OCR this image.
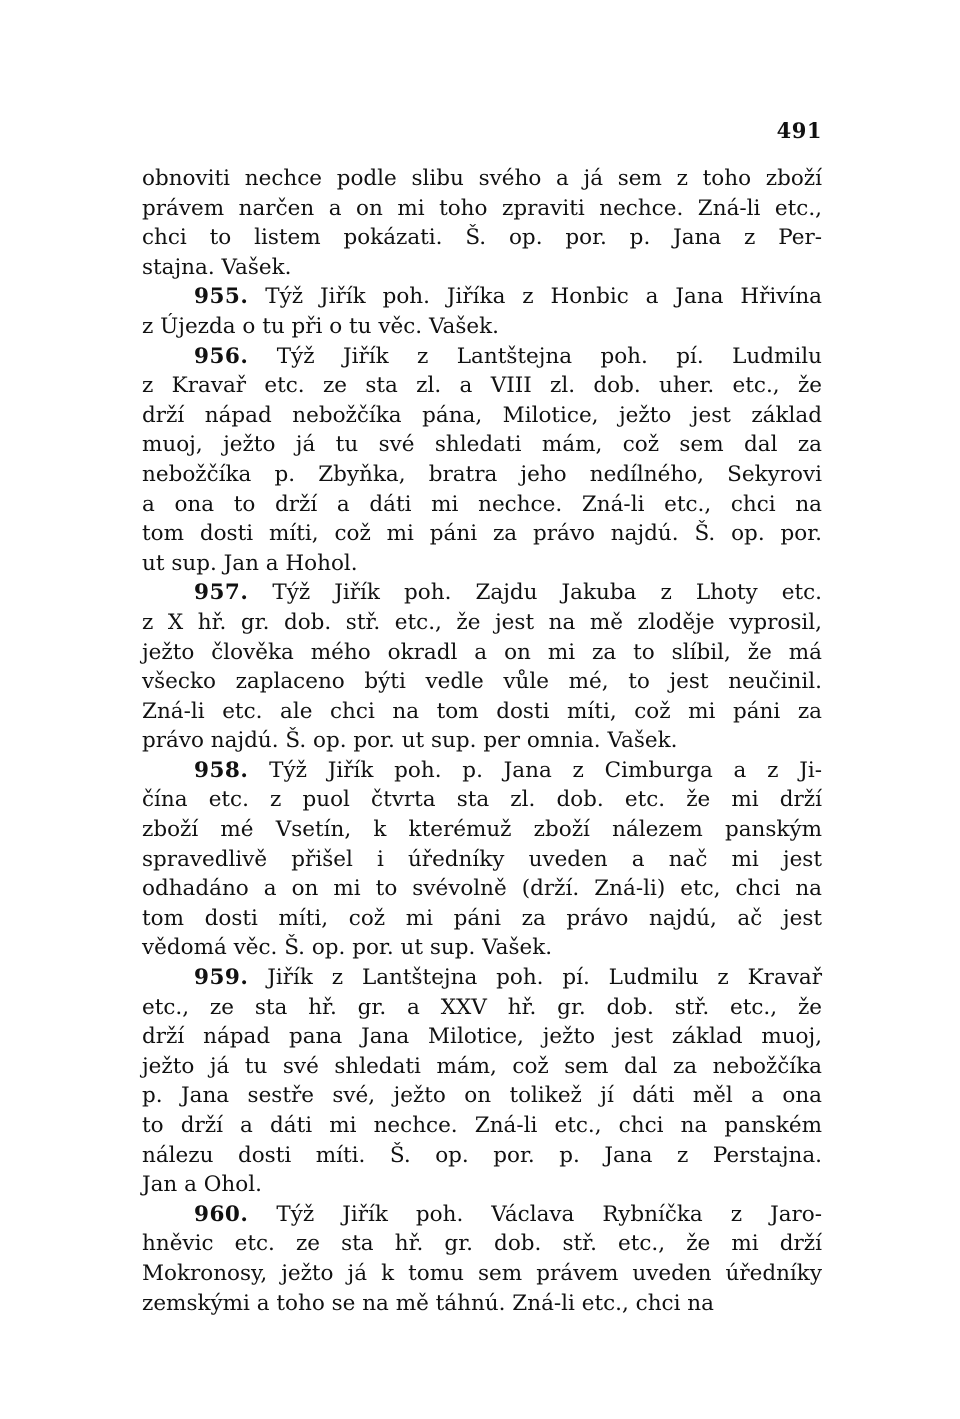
491
obnoviti nechce podle slibu svého a já sem z toho zboží
právem narčen a on mi toho zpraviti nechce. Zná-li etc.,
chci to listem pokázati. Š. op. por. p. Jana z Per-
stajna. Vašek.
955. Týž Jiřík poh. Jiříka z Honbic a Jana Hřivína
z Újezda o tu při o tu věc. Vašek.
956. Týž Jiřík z Lantštejna poh. pí. Ludmilu
z Kravař etc. ze sta zl. a VIII zl. dob. uher. etc., že
drží nápad nebožčíka pána, Milotice, ježto jest základ
muoj, ježto já tu své shledati mám, což sem dal za
nebožčíka p. Zbyňka, bratra jeho nedílného, Sekyrovi
a ona to drží a dáti mi nechce. Zná-li etc., chci na
tom dosti míti, což mi páni za právo najdú. Š. op. por.
ut sup. Jan a Hohol.
957. Týž Jiřík poh. Zajdu Jakuba z Lhoty etc.
z X hř. gr. dob. stř. etc., že jest na mě zloděje vyprosil,
ježto člověka mého okradl a on mi za to slíbil, že má
všecko zaplaceno býti vedle vůle mé, to jest neučinil.
Zná-li etc. ale chci na tom dosti míti, což mi páni za
právo najdú. Š. op. por. ut sup. per omnia. Vašek.
958. Týž Jiřík poh. p. Jana z Cimburga a z Ji-
čína etc. z puol čtvrta sta zl. dob. etc. že mi drží
zboží mé Vsetín, k kterémuž zboží nálezem panským
spravedlivě přišel i úředníky uveden a nač mi jest
odhadáno a on mi to svévolně (drží. Zná-li) etc, chci na
tom dosti míti, což mi páni za právo najdú, ač jest
vědomá věc. Š. op. por. ut sup. Vašek.
959. Jiřík z Lantštejna poh. pí. Ludmilu z Kravař
etc., ze sta hř. gr. a XXV hř. gr. dob. stř. etc., že
drží nápad pana Jana Milotice, ježto jest základ muoj,
ježto já tu své shledati mám, což sem dal za nebožčíka
p. Jana sestře své, ježto on tolikež jí dáti měl a ona
to drží a dáti mi nechce. Zná-li etc., chci na panském
nálezu dosti míti. Š. op. por. p. Jana z Perstajna.
Jan a Ohol.
960. Týž Jiřík poh. Václava Rybníčka z Jaro-
hněvic etc. ze sta hř. gr. dob. stř. etc., že mi drží
Mokronosy, ježto já k tomu sem právem uveden úředníky
zemskými a toho se na mě táhnú. Zná-li etc., chci na
